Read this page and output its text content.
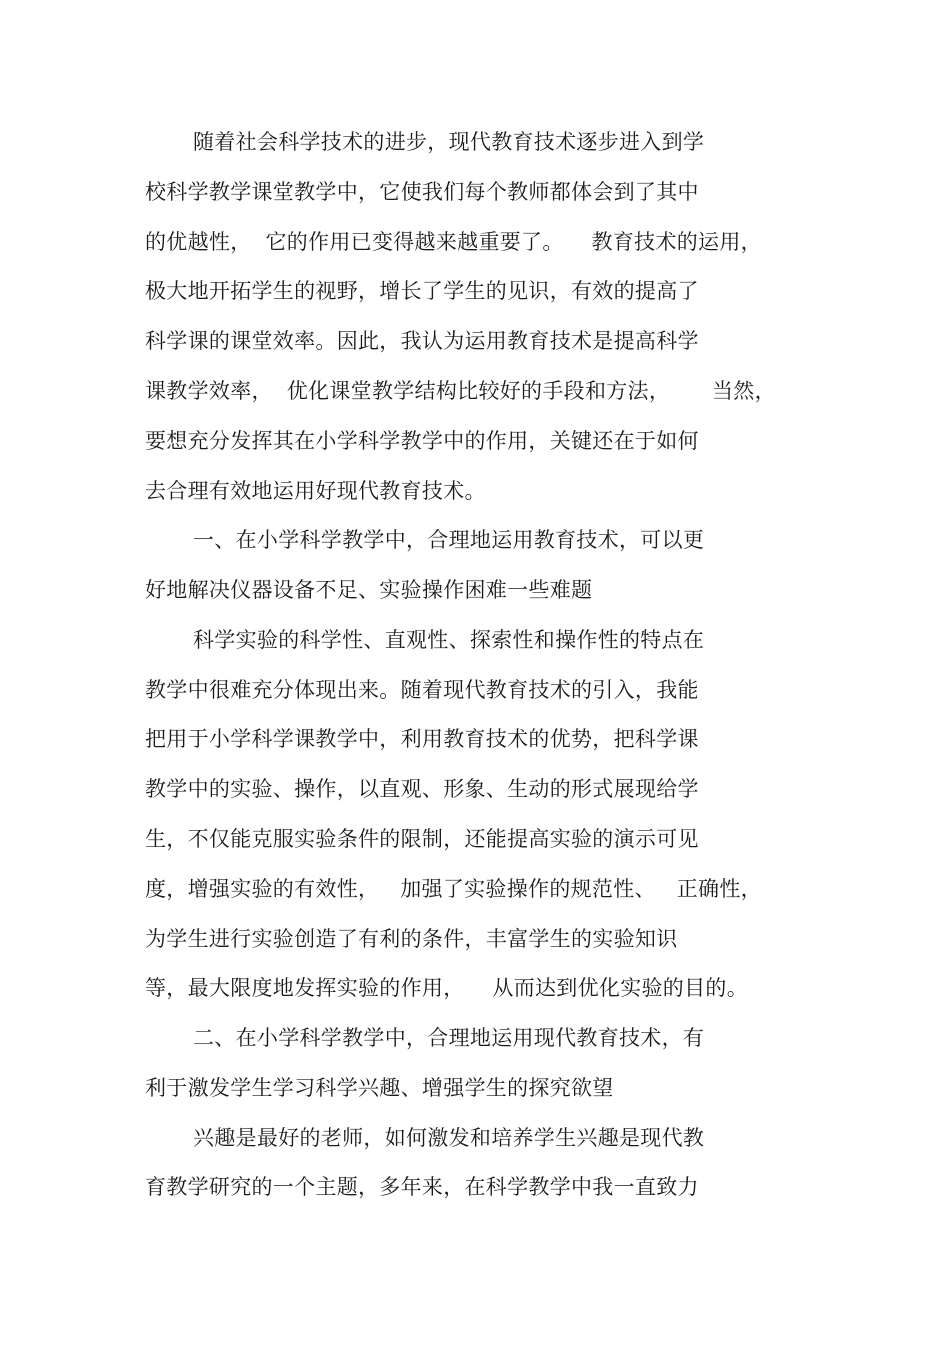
随着社会科学技术的进步，现代教育技术逐步进入到学
校科学教学课堂教学中，它使我们每个教师都体会到了其中
的优越性，  它的作用已变得越来越重要了。    教育技术的运用，
极大地开拓学生的视野，增长了学生的见识，有效的提高了
科学课的课堂效率。因此，我认为运用教育技术是提高科学
课教学效率，  优化课堂教学结构比较好的手段和方法，      当然，
要想充分发挥其在小学科学教学中的作用，关键还在于如何
去合理有效地运用好现代教育技术。
一、在小学科学教学中，合理地运用教育技术，可以更
好地解决仪器设备不足、实验操作困难一些难题
科学实验的科学性、直观性、探索性和操作性的特点在
教学中很难充分体现出来。随着现代教育技术的引入，我能
把用于小学科学课教学中，利用教育技术的优势，把科学课
教学中的实验、操作，以直观、形象、生动的形式展现给学
生，不仅能克服实验条件的限制，还能提高实验的演示可见
度，增强实验的有效性，   加强了实验操作的规范性、   正确性，
为学生进行实验创造了有利的条件，丰富学生的实验知识
等，最大限度地发挥实验的作用，    从而达到优化实验的目的。
二、在小学科学教学中，合理地运用现代教育技术，有
利于激发学生学习科学兴趣、增强学生的探究欲望
兴趣是最好的老师，如何激发和培养学生兴趣是现代教
育教学研究的一个主题，多年来，在科学教学中我一直致力
